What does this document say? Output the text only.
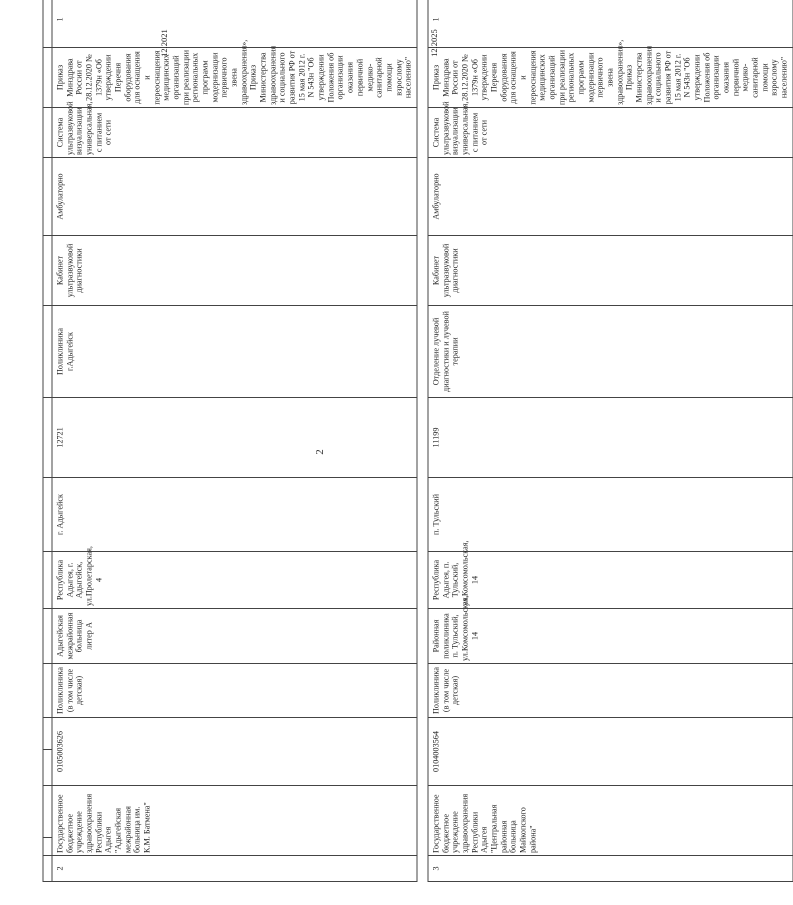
2

2	Государственное бюджетное учреждение здравоохранения Республики Адыгея "Адыгейская межрайонная больница им. К.М. Батмена"		0105003626		Поликлиника (в том числе детская)	Адыгейская межрайонная больница литер А	Республика Адыгея, г. Адыгейск, ул.Пролетарская, 4	г. Адыгейск	12721	Поликлиника г.Адыгейск	Кабинет ультразвуковой диагностики	Амбулаторно	Система ультразвуковой визуализации универсальная, с питанием от сети	Приказ Минздрава России от 28.12.2020 № 1379н «Об утверждении Перечня оборудования для оснащения и переоснащения медицинских организаций при реализации региональных программ модернизации первичного звена здравоохранения», Приказ Министерства здравоохранения и социального развития РФ от 15 мая 2012 г. N 543н "Об утверждении Положения об организации оказания первичной медико-санитарной помощи взрослому населению"	1

3	Государственное бюджетное учреждение здравоохранения Республики Адыгея "Центральная районная больница Майкопского района"		0104003564		Поликлиника (в том числе детская)	Районная поликлиника п. Тульский, ул.Комсомольская, 14	Республика Адыгея, п. Тульский, ул.Комсомольская, 14	п. Тульский	11199	Отделение лучевой диагностики и лучевой терапии	Кабинет ультразвуковой диагностики	Амбулаторно	Система ультразвуковой визуализации универсальная, с питанием от сети	Приказ Минздрава России от 28.12.2020 № 1379н «Об утверждении Перечня оборудования для оснащения и переоснащения медицинских организаций при реализации региональных программ модернизации первичного звена здравоохранения», Приказ Министерства здравоохранения и социального развития РФ от 15 мая 2012 г. N 543н "Об утверждении Положения об организации оказания первичной медико-санитарной помощи взрослому населению"	1
12.2021	12.2025
